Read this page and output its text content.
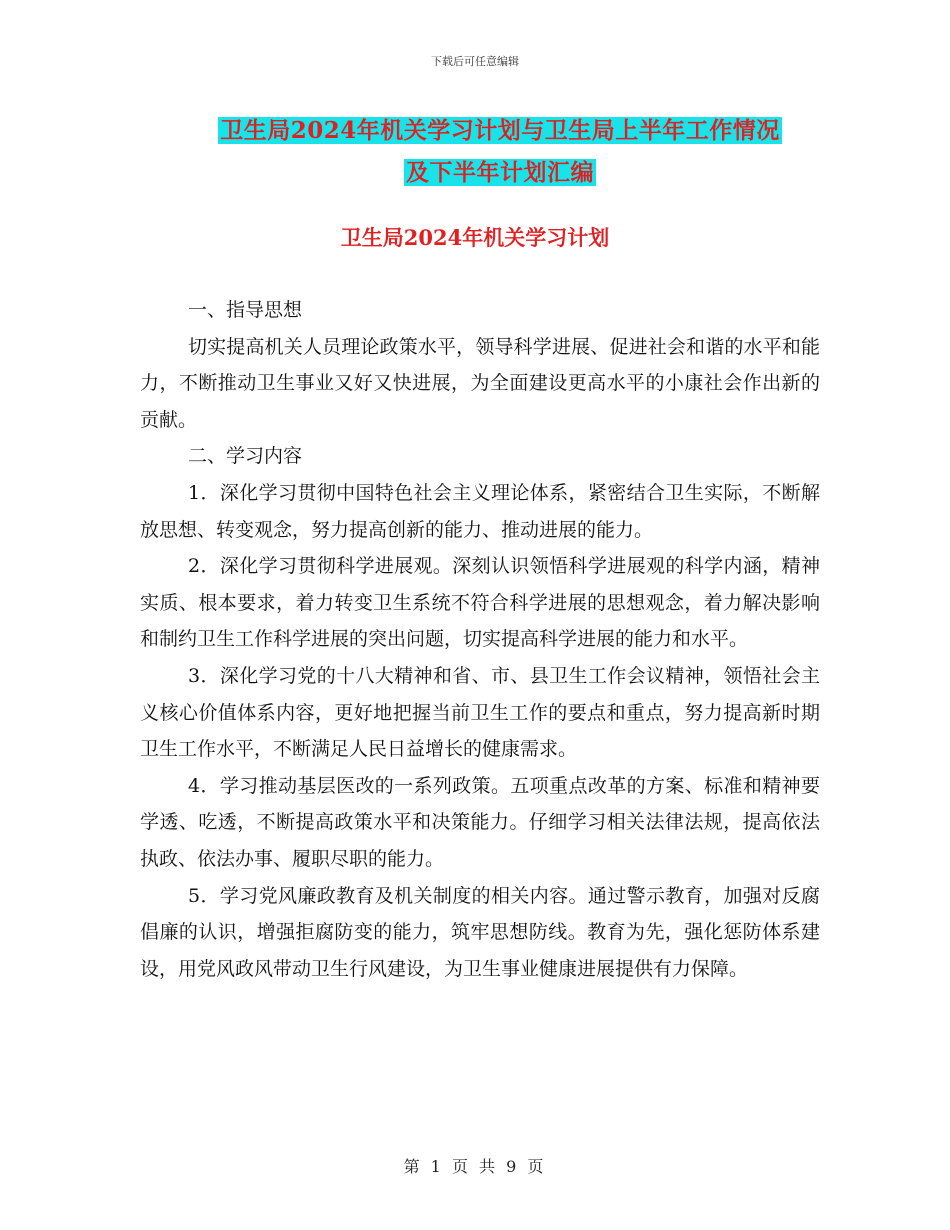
下载后可任意编辑
卫生局2024年机关学习计划与卫生局上半年工作情况
及下半年计划汇编
卫生局2024年机关学习计划

一、指导思想

切实提高机关人员理论政策水平，领导科学进展、促进社会和谐的水平和能力，不断推动卫生事业又好又快进展，为全面建设更高水平的小康社会作出新的贡献。

二、学习内容

1．深化学习贯彻中国特色社会主义理论体系，紧密结合卫生实际，不断解放思想、转变观念，努力提高创新的能力、推动进展的能力。

2．深化学习贯彻科学进展观。深刻认识领悟科学进展观的科学内涵，精神实质、根本要求，着力转变卫生系统不符合科学进展的思想观念，着力解决影响和制约卫生工作科学进展的突出问题，切实提高科学进展的能力和水平。

3．深化学习党的十八大精神和省、市、县卫生工作会议精神，领悟社会主义核心价值体系内容，更好地把握当前卫生工作的要点和重点，努力提高新时期卫生工作水平，不断满足人民日益增长的健康需求。

4．学习推动基层医改的一系列政策。五项重点改革的方案、标准和精神要学透、吃透，不断提高政策水平和决策能力。仔细学习相关法律法规，提高依法执政、依法办事、履职尽职的能力。

5．学习党风廉政教育及机关制度的相关内容。通过警示教育，加强对反腐倡廉的认识，增强拒腐防变的能力，筑牢思想防线。教育为先，强化惩防体系建设，用党风政风带动卫生行风建设，为卫生事业健康进展提供有力保障。

第 1 页 共 9 页
